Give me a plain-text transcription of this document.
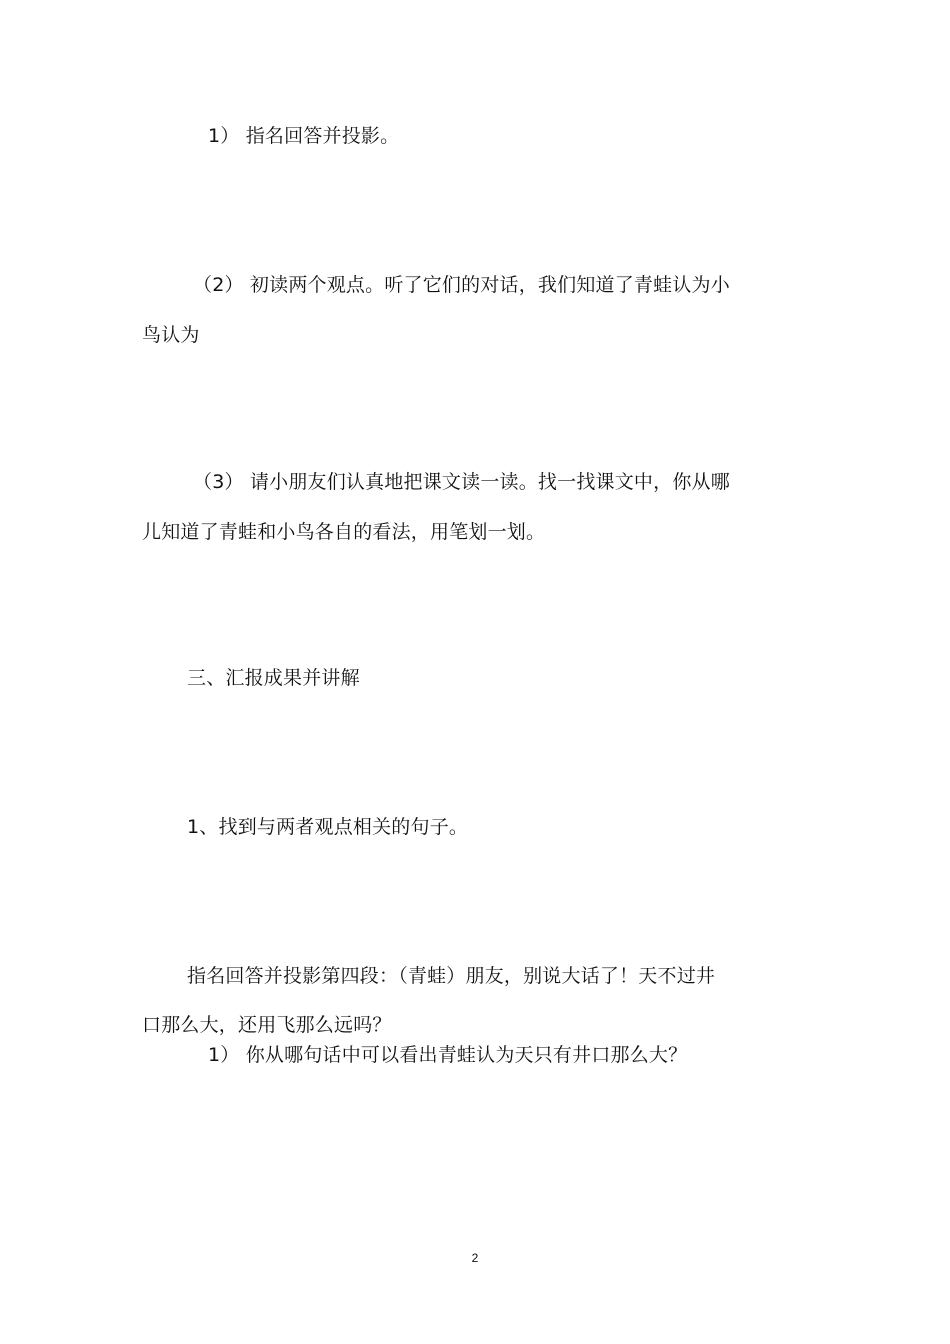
1） 指名回答并投影。
（2） 初读两个观点。听了它们的对话，我们知道了青蛙认为小
鸟认为
（3） 请小朋友们认真地把课文读一读。找一找课文中，你从哪
儿知道了青蛙和小鸟各自的看法，用笔划一划。
三、汇报成果并讲解
1、找到与两者观点相关的句子。
指名回答并投影第四段：（青蛙）朋友，别说大话了！天不过井
口那么大，还用飞那么远吗？
1） 你从哪句话中可以看出青蛙认为天只有井口那么大？
2
